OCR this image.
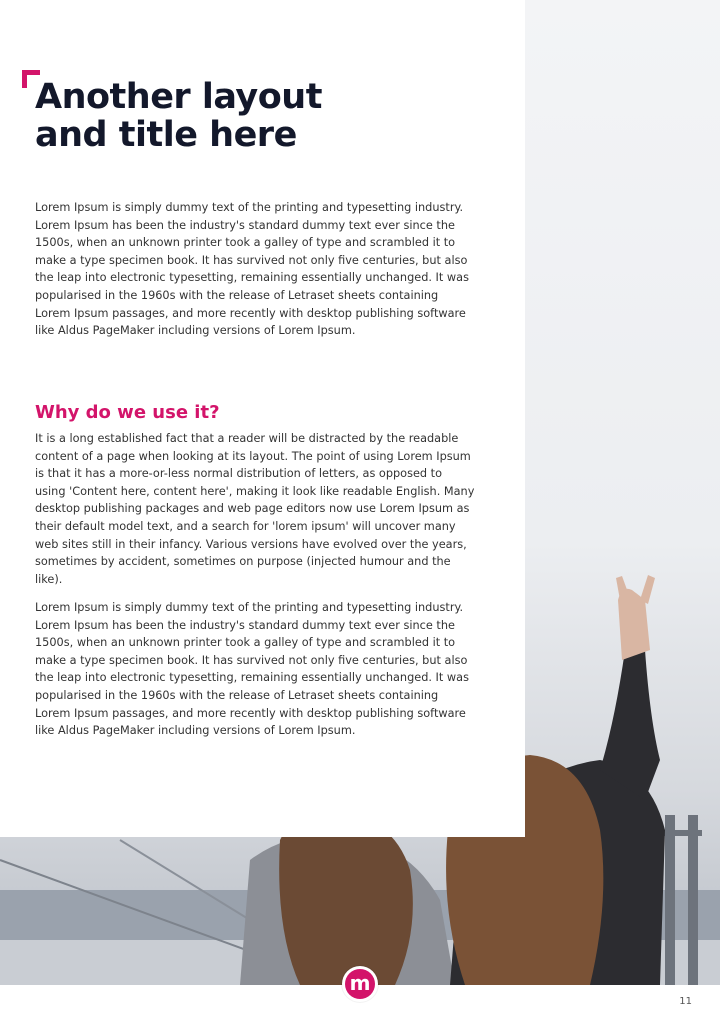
Another layout
and title here

Lorem Ipsum is simply dummy text of the printing and typesetting industry. Lorem Ipsum has been the industry's standard dummy text ever since the 1500s, when an unknown printer took a galley of type and scrambled it to make a type specimen book. It has survived not only five centuries, but also the leap into electronic typesetting, remaining essentially unchanged. It was popularised in the 1960s with the release of Letraset sheets containing Lorem Ipsum passages, and more recently with desktop publishing software like Aldus PageMaker including versions of Lorem Ipsum.

Why do we use it?

It is a long established fact that a reader will be distracted by the readable content of a page when looking at its layout. The point of using Lorem Ipsum is that it has a more-or-less normal distribution of letters, as opposed to using 'Content here, content here', making it look like readable English. Many desktop publishing packages and web page editors now use Lorem Ipsum as their default model text, and a search for 'lorem ipsum' will uncover many web sites still in their infancy. Various versions have evolved over the years, sometimes by accident, sometimes on purpose (injected humour and the like).

Lorem Ipsum is simply dummy text of the printing and typesetting industry. Lorem Ipsum has been the industry's standard dummy text ever since the 1500s, when an unknown printer took a galley of type and scrambled it to make a type specimen book. It has survived not only five centuries, but also the leap into electronic typesetting, remaining essentially unchanged. It was popularised in the 1960s with the release of Letraset sheets containing Lorem Ipsum passages, and more recently with desktop publishing software like Aldus PageMaker including versions of Lorem Ipsum.

m
11
